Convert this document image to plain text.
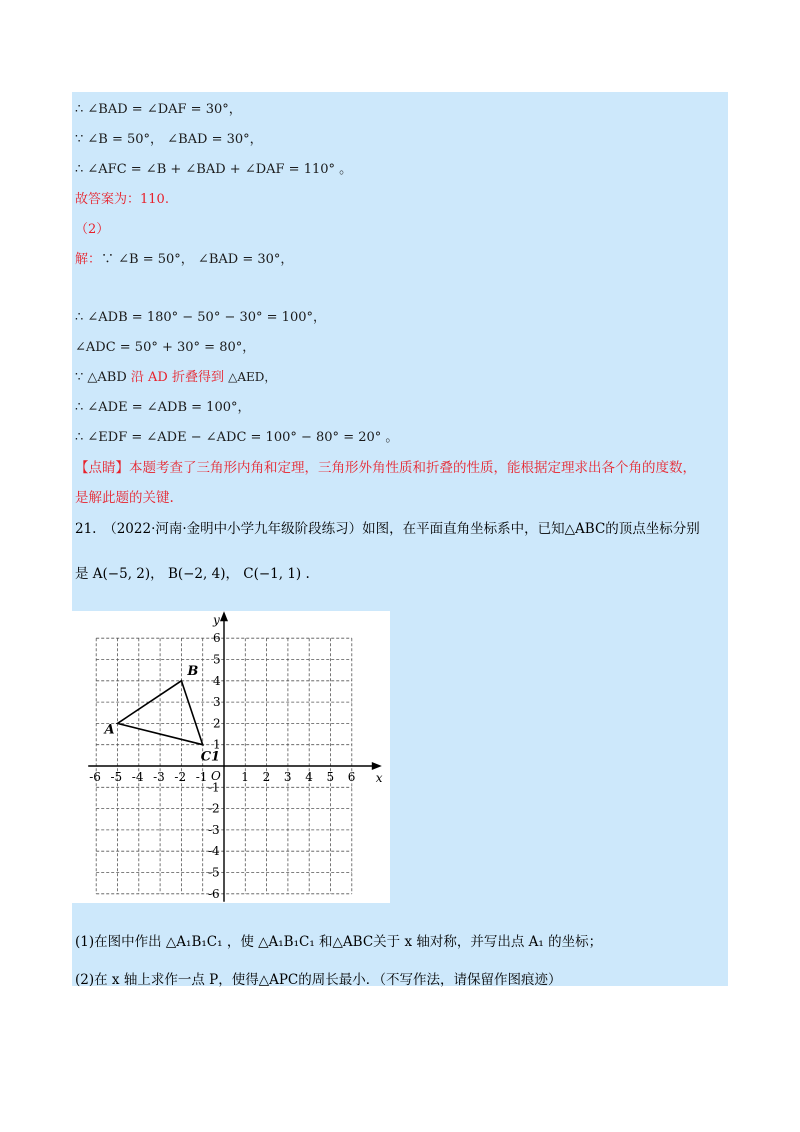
∴ ∠BAD = ∠DAF = 30°，
∵ ∠B = 50°， ∠BAD = 30°，
∴ ∠AFC = ∠B + ∠BAD + ∠DAF = 110° 。
故答案为：110.
（2）
解：∵ ∠B = 50°， ∠BAD = 30°，
∴ ∠ADB = 180° − 50° − 30° = 100°，
∠ADC = 50° + 30° = 80°，
∵ △ABD 沿 AD 折叠得到 △AED，
∴ ∠ADE = ∠ADB = 100°，
∴ ∠EDF = ∠ADE − ∠ADC = 100° − 80° = 20° 。
【点睛】本题考查了三角形内角和定理，三角形外角性质和折叠的性质，能根据定理求出各个角的度数，
是解此题的关键.
21.　（2022·河南·金明中小学九年级阶段练习）如图，在平面直角坐标系中，已知△ABC的顶点坐标分别
是 A(−5, 2)， B(−2, 4)， C(−1, 1) .
x
y
O
-6 -5 -4 -3 -2 -1	1 2 3 4 5 6
6
5
4
3
2
1
-1
-2
-3
-4
-5
-6
A
B
C1
(1)在图中作出 △A₁B₁C₁ ，使 △A₁B₁C₁ 和△ABC关于 x 轴对称，并写出点 A₁ 的坐标；
(2)在 x 轴上求作一点 P，使得△APC的周长最小．（不写作法，请保留作图痕迹）
